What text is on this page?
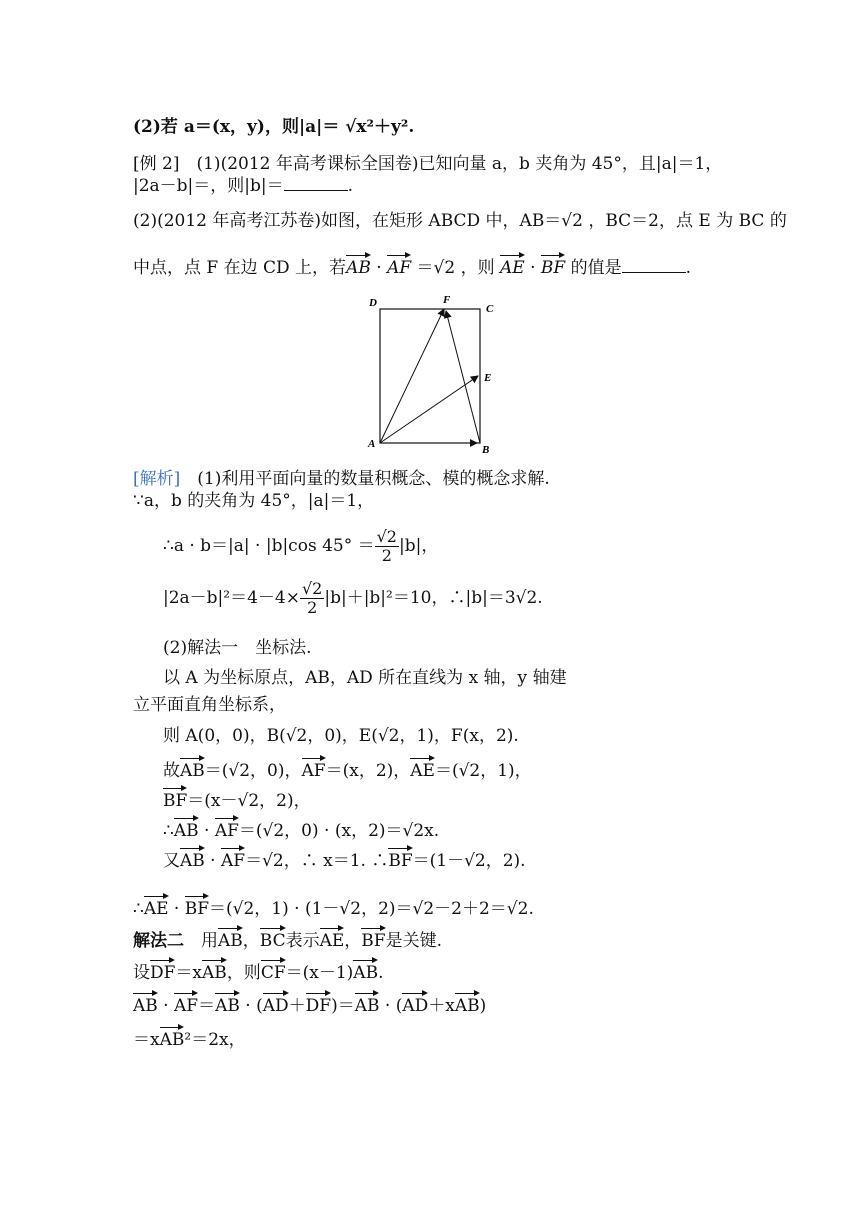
(2)若 a＝(x，y)，则|a|＝ √x²＋y².
[例 2]　(1)(2012 年高考课标全国卷)已知向量 a，b 夹角为 45°，且|a|＝1，
|2a－b|＝，则|b|＝	.
(2)(2012 年高考江苏卷)如图，在矩形 ABCD 中，AB＝√2 ，BC＝2，点 E 为 BC 的
中点，点 F 在边 CD 上，若AB · AF ＝√2 ，则 AE · BF 的值是	.
A	B
C
D
E
F
[解析]　(1)利用平面向量的数量积概念、模的概念求解.
∵a，b 的夹角为 45°，|a|＝1，
∴a · b＝|a| · |b|cos $45^\circ = \frac{√2}{2} |b|$，
$|2a-b|^2=4-4\times \frac{√2}{2} |b|+|b|^2=10$，∴|b|＝3√2.
(2)解法一　坐标法.
以 A 为坐标原点，AB，AD 所在直线为 x 轴，y 轴建
立平面直角坐标系，
则 A(0，0)，B(√2，0)，E(√2，1)，F(x，2).
故AB＝(√2，0)，AF＝(x，2)，AE＝(√2，1)，
BF＝(x－√2，2)，
∴AB · AF＝(√2，0) · (x，2)＝√2x.
又AB · AF＝√2，∴ x＝1. ∴BF＝(1－√2，2).
∴AE · BF＝(√2，1) · (1－√2，2)＝√2－2＋2＝√2.
解法二　用AB，BC表示AE，BF是关键.
设DF＝xAB，则CF＝(x－1)AB.
AB · AF＝AB · (AD＋DF)＝AB · (AD＋xAB)
＝xAB²＝2x，
